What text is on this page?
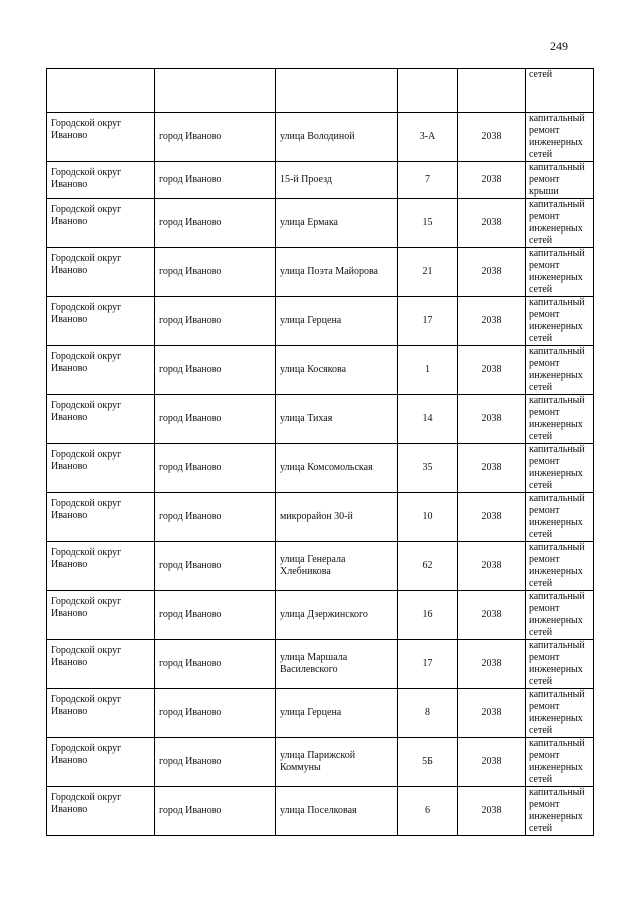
249
					сетей
Городской округ Иваново	город Иваново	улица Володиной	3-А	2038	капитальный ремонт инженерных сетей
Городской округ Иваново	город Иваново	15-й Проезд	7	2038	капитальный ремонт крыши
Городской округ Иваново	город Иваново	улица Ермака	15	2038	капитальный ремонт инженерных сетей
Городской округ Иваново	город Иваново	улица Поэта Майорова	21	2038	капитальный ремонт инженерных сетей
Городской округ Иваново	город Иваново	улица Герцена	17	2038	капитальный ремонт инженерных сетей
Городской округ Иваново	город Иваново	улица Косякова	1	2038	капитальный ремонт инженерных сетей
Городской округ Иваново	город Иваново	улица Тихая	14	2038	капитальный ремонт инженерных сетей
Городской округ Иваново	город Иваново	улица Комсомольская	35	2038	капитальный ремонт инженерных сетей
Городской округ Иваново	город Иваново	микрорайон 30-й	10	2038	капитальный ремонт инженерных сетей
Городской округ Иваново	город Иваново	улица Генерала Хлебникова	62	2038	капитальный ремонт инженерных сетей
Городской округ Иваново	город Иваново	улица Дзержинского	16	2038	капитальный ремонт инженерных сетей
Городской округ Иваново	город Иваново	улица Маршала Василевского	17	2038	капитальный ремонт инженерных сетей
Городской округ Иваново	город Иваново	улица Герцена	8	2038	капитальный ремонт инженерных сетей
Городской округ Иваново	город Иваново	улица Парижской Коммуны	5Б	2038	капитальный ремонт инженерных сетей
Городской округ Иваново	город Иваново	улица Поселковая	6	2038	капитальный ремонт инженерных сетей
